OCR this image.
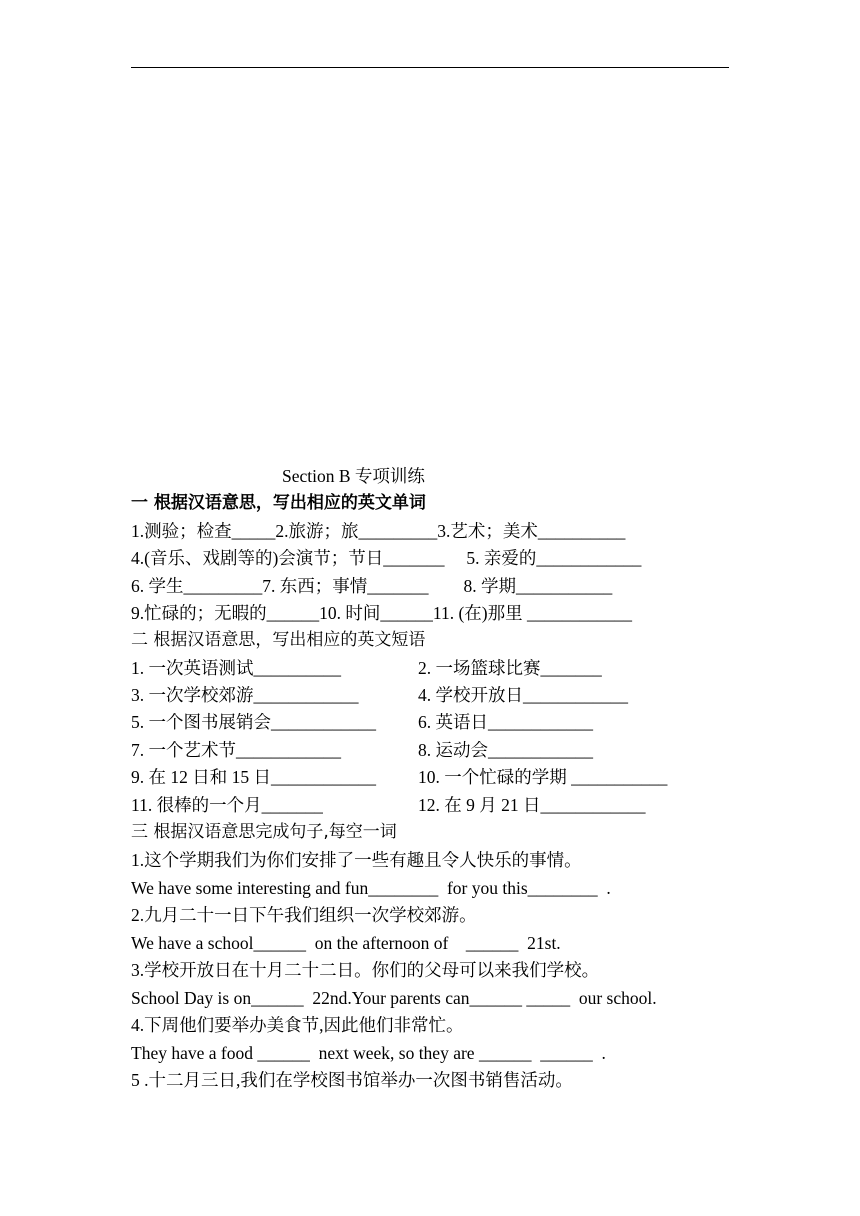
Section B 专项训练
一 根据汉语意思，写出相应的英文单词
1.测验；检查_____2.旅游；旅_________3.艺术；美术__________
4.(音乐、戏剧等的)会演节；节日_______     5. 亲爱的____________
6. 学生_________7. 东西；事情_______        8. 学期___________
9.忙碌的；无暇的______10. 时间______11. (在)那里 ____________
二 根据汉语意思，写出相应的英文短语
1. 一次英语测试__________	2. 一场篮球比赛_______
3. 一次学校郊游____________	4. 学校开放日____________
5. 一个图书展销会____________ 6. 英语日____________
7. 一个艺术节____________	8. 运动会____________
9. 在 12 日和 15 日____________ 10. 一个忙碌的学期 ___________
11. 很棒的一个月_______	12. 在 9 月 21 日____________
三 根据汉语意思完成句子,每空一词
1.这个学期我们为你们安排了一些有趣且令人快乐的事情。
We have some interesting and fun________  for you this________  .
2.九月二十一日下午我们组织一次学校郊游。
We have a school______  on the afternoon of    ______  21st.
3.学校开放日在十月二十二日。你们的父母可以来我们学校。
School Day is on______  22nd.Your parents can______ _____  our school.
4.下周他们要举办美食节,因此他们非常忙。
They have a food ______  next week, so they are ______  ______  .
5 .十二月三日,我们在学校图书馆举办一次图书销售活动。
